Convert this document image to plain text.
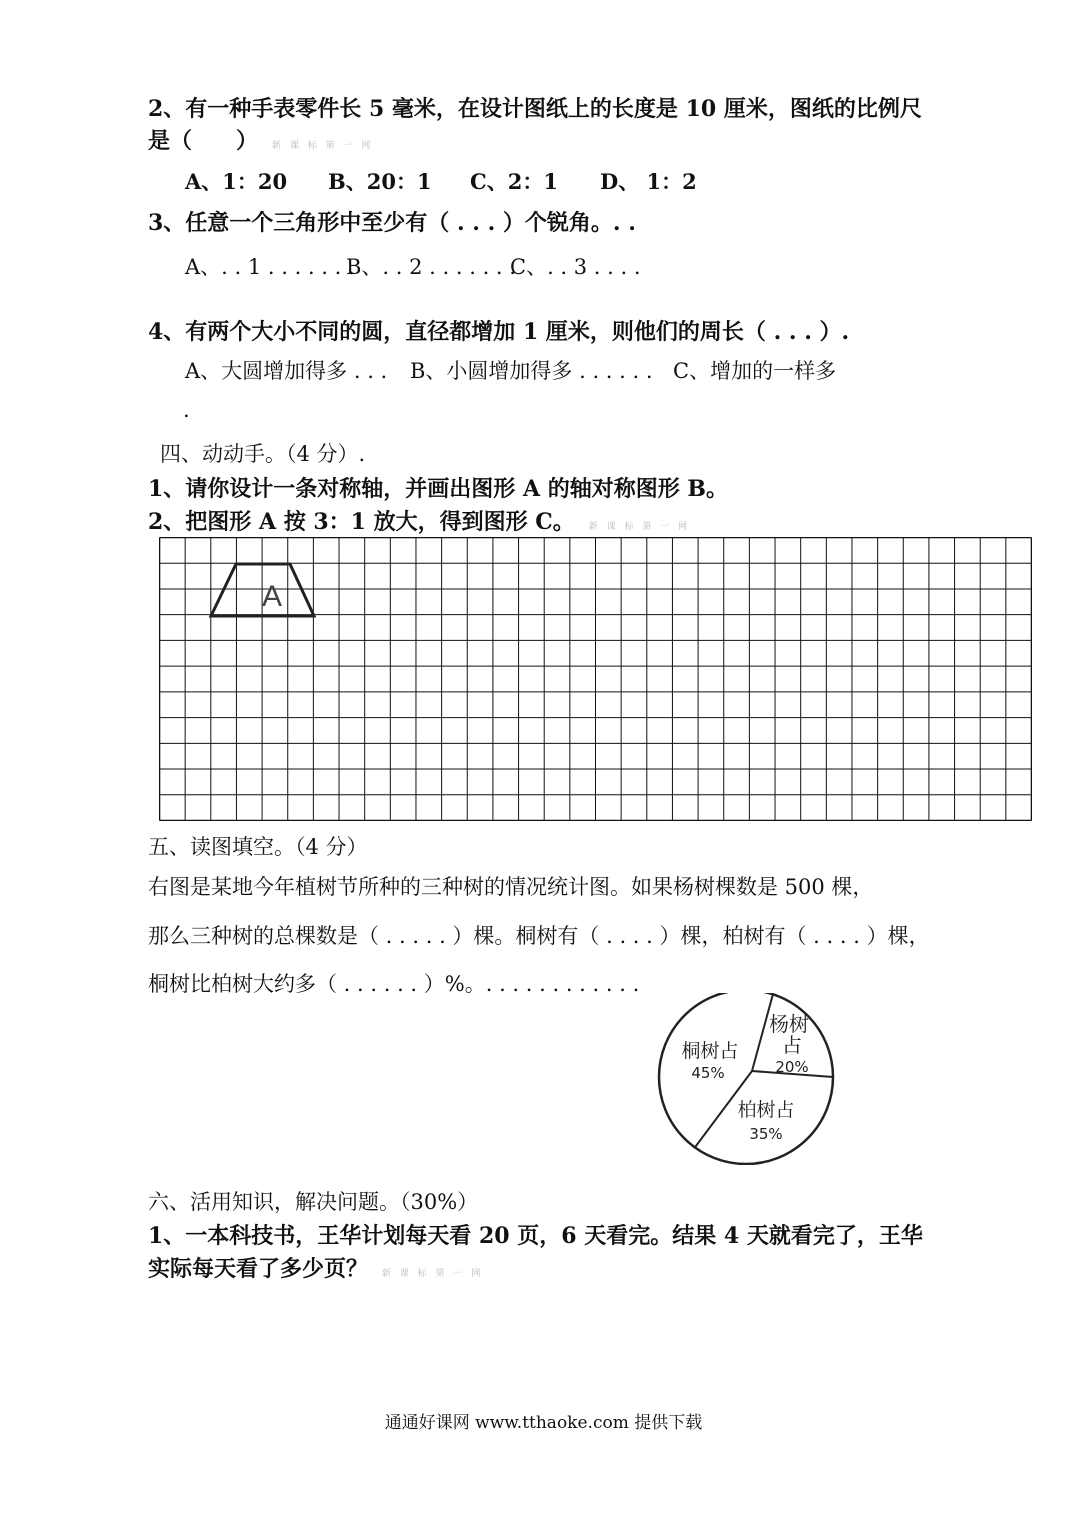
2、有一种手表零件长 5 毫米，在设计图纸上的长度是 10 厘米，图纸的比例尺
是（　　） 新 课 标 第 一 网
A、1：20 B、20：1 C、2：1 D、 1：2
3、任意一个三角形中至少有（ . . . ）个锐角。. .
A、. . 1 . . . . . . .
B、. . 2 . . . . . . .
C、. . 3 . . . .
4、有两个大小不同的圆，直径都增加 1 厘米，则他们的周长（ . . . ）.
A、大圆增加得多 . . . B、小圆增加得多 . . . . . . C、增加的一样多
.
四、动动手。（4 分）.
1、请你设计一条对称轴，并画出图形 A 的轴对称图形 B。
2、把图形 A 按 3：1 放大，得到图形 C。 新 课 标 第 一 网
A
五、读图填空。（4 分）
右图是某地今年植树节所种的三种树的情况统计图。如果杨树棵数是 500 棵，
那么三种树的总棵数是（ . . . . . ）棵。桐树有（ . . . . ）棵，柏树有（ . . . . ）棵，
桐树比柏树大约多（ . . . . . . ）%。. . . . . . . . . . . .
杨树
占
20%
桐树占
45%
柏树占
35%
六、活用知识，解决问题。（30%）
1、一本科技书，王华计划每天看 20 页，6 天看完。结果 4 天就看完了，王华
实际每天看了多少页？ 新 课 标 第 一 网
通通好课网 www.tthaoke.com 提供下载
